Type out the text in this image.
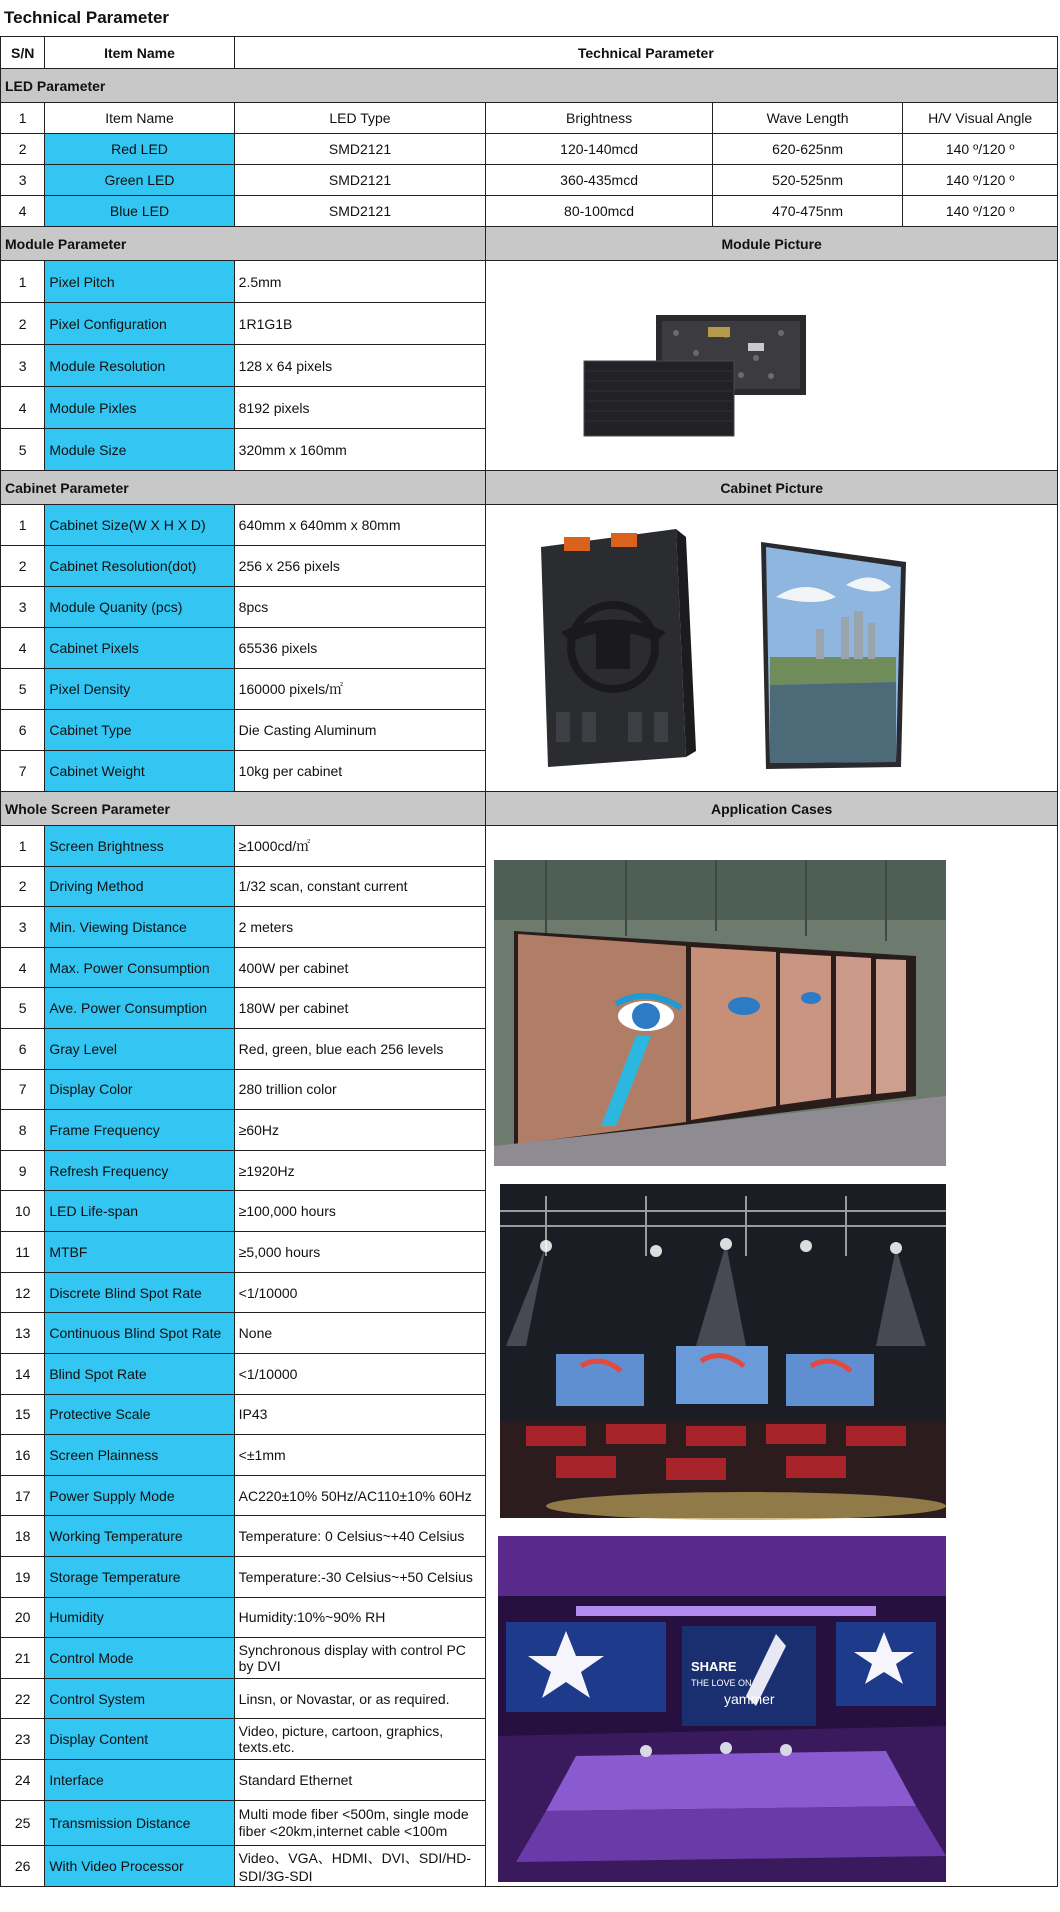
Technical Parameter
S/N	Item Name	Technical Parameter			
LED Parameter					
1	Item Name	LED Type	Brightness	Wave Length	H/V Visual Angle
2	Red LED	SMD2121	120-140mcd	620-625nm	140 º/120 º
3	Green LED	SMD2121	360-435mcd	520-525nm	140 º/120 º
4	Blue LED	SMD2121	80-100mcd	470-475nm	140 º/120 º
Module Parameter			Module Picture		
1	Pixel Pitch	2.5mm	

2	Pixel Configuration	1R1G1B			
3	Module Resolution	128 x 64 pixels			
4	Module Pixles	8192 pixels			
5	Module Size	320mm x 160mm			
Cabinet Parameter			Cabinet Picture		
1	Cabinet Size(W X H X D)	640mm x 640mm x 80mm	

2	Cabinet Resolution(dot)	256 x 256 pixels			
3	Module Quanity (pcs)	8pcs			
4	Cabinet Pixels	65536 pixels			
5	Pixel Density	160000 pixels/㎡			
6	Cabinet Type	Die Casting Aluminum			
7	Cabinet Weight	10kg per cabinet			
Whole Screen Parameter			Application Cases		
1	Screen Brightness	≥1000cd/㎡	SHARE
THE LOVE ON
yammer		

2	Driving Method	1/32 scan, constant current			
3	Min. Viewing Distance	2 meters			
4	Max. Power Consumption	400W per cabinet			
5	Ave. Power Consumption	180W per cabinet			
6	Gray Level	Red, green, blue each 256 levels			
7	Display Color	280 trillion color			
8	Frame Frequency	≥60Hz			
9	Refresh Frequency	≥1920Hz			
10	LED Life-span	≥100,000 hours			
11	MTBF	≥5,000 hours			
12	Discrete Blind Spot Rate	<1/10000			
13	Continuous Blind Spot Rate	None			
14	Blind Spot Rate	<1/10000			
15	Protective Scale	IP43			
16	Screen Plainness	<±1mm			
17	Power Supply Mode	AC220±10% 50Hz/AC110±10% 60Hz			
18	Working Temperature	Temperature: 0 Celsius~+40 Celsius			
19	Storage Temperature	Temperature:-30 Celsius~+50 Celsius			
20	Humidity	Humidity:10%~90% RH			
21	Control Mode	Synchronous display with control PC by DVI			
22	Control System	Linsn, or Novastar, or as required.			
23	Display Content	Video, picture, cartoon, graphics, texts.etc.			
24	Interface	Standard Ethernet			
25	Transmission Distance	Multi mode fiber <500m, single mode fiber <20km,internet cable <100m			
26	With Video Processor	Video、VGA、HDMI、DVI、SDI/HD-SDI/3G-SDI			
